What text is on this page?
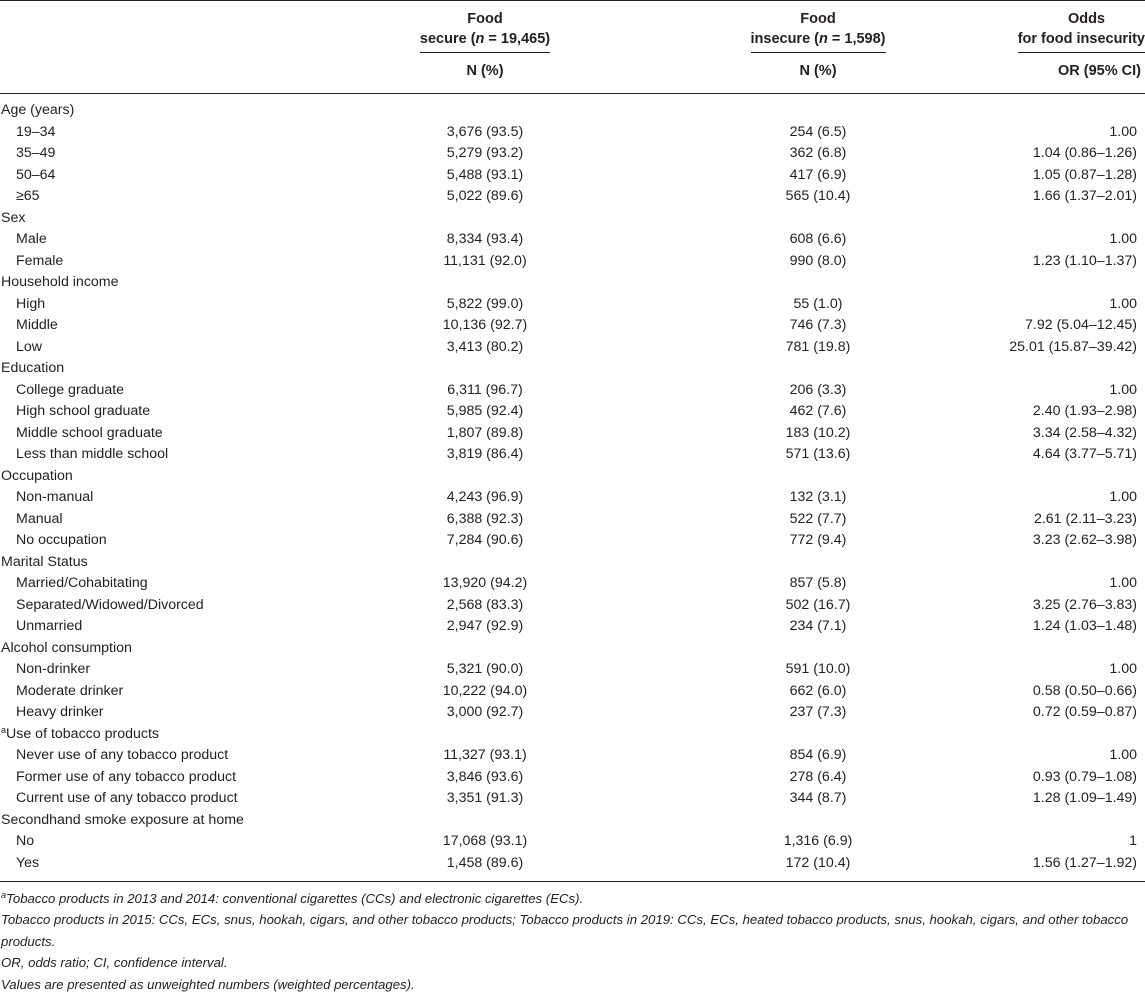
Food
secure (n = 19,465)
Food
insecure (n = 1,598)
Odds
for food insecurity
N (%)	N (%)	OR (95% CI)
Age (years)				
19–34	3,676 (93.5)		254 (6.5)	1.00
35–49	5,279 (93.2)		362 (6.8)	1.04 (0.86–1.26)
50–64	5,488 (93.1)		417 (6.9)	1.05 (0.87–1.28)
≥65	5,022 (89.6)		565 (10.4)	1.66 (1.37–2.01)
Sex				
Male	8,334 (93.4)		608 (6.6)	1.00
Female	11,131 (92.0)		990 (8.0)	1.23 (1.10–1.37)
Household income				
High	5,822 (99.0)		55 (1.0)	1.00
Middle	10,136 (92.7)		746 (7.3)	7.92 (5.04–12.45)
Low	3,413 (80.2)		781 (19.8)	25.01 (15.87–39.42)
Education				
College graduate	6,311 (96.7)		206 (3.3)	1.00
High school graduate	5,985 (92.4)		462 (7.6)	2.40 (1.93–2.98)
Middle school graduate	1,807 (89.8)		183 (10.2)	3.34 (2.58–4.32)
Less than middle school	3,819 (86.4)		571 (13.6)	4.64 (3.77–5.71)
Occupation				
Non-manual	4,243 (96.9)		132 (3.1)	1.00
Manual	6,388 (92.3)		522 (7.7)	2.61 (2.11–3.23)
No occupation	7,284 (90.6)		772 (9.4)	3.23 (2.62–3.98)
Marital Status				
Married/Cohabitating	13,920 (94.2)		857 (5.8)	1.00
Separated/Widowed/Divorced	2,568 (83.3)		502 (16.7)	3.25 (2.76–3.83)
Unmarried	2,947 (92.9)		234 (7.1)	1.24 (1.03–1.48)
Alcohol consumption				
Non-drinker	5,321 (90.0)		591 (10.0)	1.00
Moderate drinker	10,222 (94.0)		662 (6.0)	0.58 (0.50–0.66)
Heavy drinker	3,000 (92.7)		237 (7.3)	0.72 (0.59–0.87)
$^a$Use of tobacco products				
Never use of any tobacco product	11,327 (93.1)		854 (6.9)	1.00
Former use of any tobacco product	3,846 (93.6)		278 (6.4)	0.93 (0.79–1.08)
Current use of any tobacco product	3,351 (91.3)		344 (8.7)	1.28 (1.09–1.49)
Secondhand smoke exposure at home				
No	17,068 (93.1)		1,316 (6.9)	1
Yes	1,458 (89.6)		172 (10.4)	1.56 (1.27–1.92)

$^a$Tobacco products in 2013 and 2014: conventional cigarettes (CCs) and electronic cigarettes (ECs).

Tobacco products in 2015: CCs, ECs, snus, hookah, cigars, and other tobacco products; Tobacco products in 2019: CCs, ECs, heated tobacco products, snus, hookah, cigars, and other tobacco products.

OR, odds ratio; CI, confidence interval.

Values are presented as unweighted numbers (weighted percentages).
